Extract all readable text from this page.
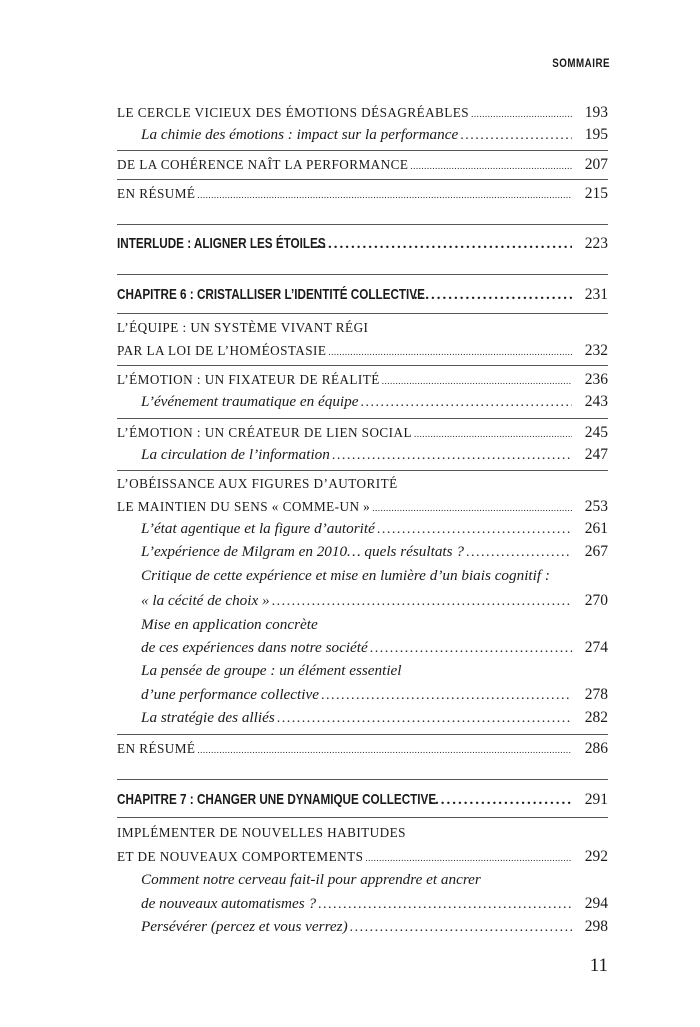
SOMMAIRE
LE CERCLE VICIEUX DES ÉMOTIONS DÉSAGRÉABLES .....	193
La chimie des émotions : impact sur la performance .....	195
DE LA COHÉRENCE NAÎT LA PERFORMANCE .....	207
EN RÉSUMÉ .....	215
INTERLUDE : ALIGNER LES ÉTOILES .....	223
CHAPITRE 6 : CRISTALLISER L’IDENTITÉ COLLECTIVE .....	231
L’ÉQUIPE : UN SYSTÈME VIVANT RÉGI
PAR LA LOI DE L’HOMÉOSTASIE .....	232
L’ÉMOTION : UN FIXATEUR DE RÉALITÉ .....	236
L’événement traumatique en équipe .....	243
L’ÉMOTION : UN CRÉATEUR DE LIEN SOCIAL .....	245
La circulation de l’information .....	247
L’OBÉISSANCE AUX FIGURES D’AUTORITÉ
LE MAINTIEN DU SENS « COMME-UN » .....	253
L’état agentique et la figure d’autorité .....	261
L’expérience de Milgram en 2010… quels résultats ? .....	267
Critique de cette expérience et mise en lumière d’un biais cognitif :
« la cécité de choix » .....	270
Mise en application concrète
de ces expériences dans notre société .....	274
La pensée de groupe : un élément essentiel
d’une performance collective .....	278
La stratégie des alliés .....	282
EN RÉSUMÉ .....	286
CHAPITRE 7 : CHANGER UNE DYNAMIQUE COLLECTIVE .....	291
IMPLÉMENTER DE NOUVELLES HABITUDES
ET DE NOUVEAUX COMPORTEMENTS .....	292
Comment notre cerveau fait-il pour apprendre et ancrer
de nouveaux automatismes ? .....	294
Persévérer (percez et vous verrez) .....	298
11
